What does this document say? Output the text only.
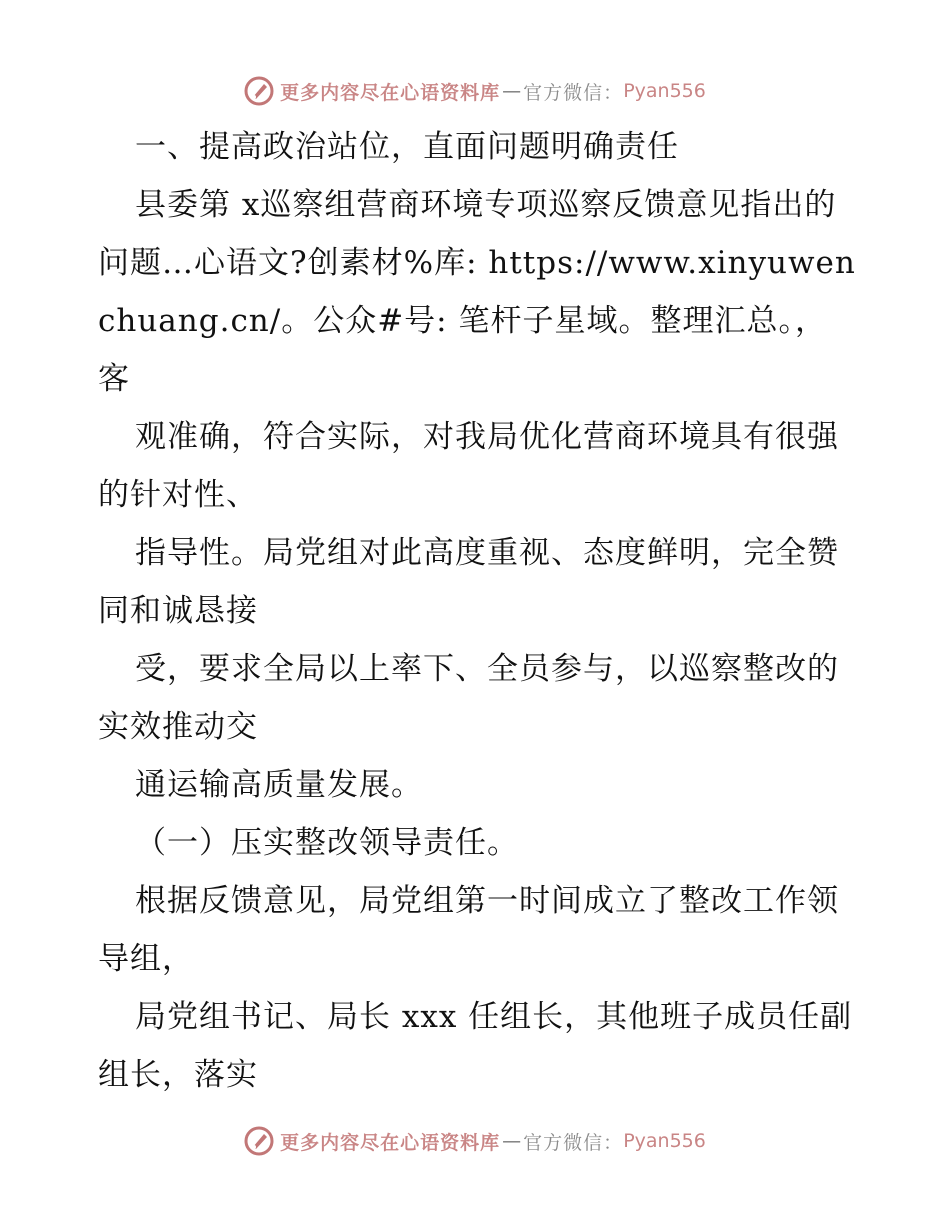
更多内容尽在心语资料库 — 官方微信： Pyan556

一、提高政治站位，直面问题明确责任

县委第 x巡察组营商环境专项巡察反馈意见指出的问题…心语文?创素材%库: https://www.xinyuwenchuang.cn/。公众#号: 笔杆子星域。整理汇总。，客

观准确，符合实际，对我局优化营商环境具有很强的针对性、

指导性。局党组对此高度重视、态度鲜明，完全赞同和诚恳接

受，要求全局以上率下、全员参与，以巡察整改的实效推动交

通运输高质量发展。

（一）压实整改领导责任。

根据反馈意见，局党组第一时间成立了整改工作领导组，

局党组书记、局长 xxx 任组长，其他班子成员任副组长，落实

更多内容尽在心语资料库 — 官方微信： Pyan556
